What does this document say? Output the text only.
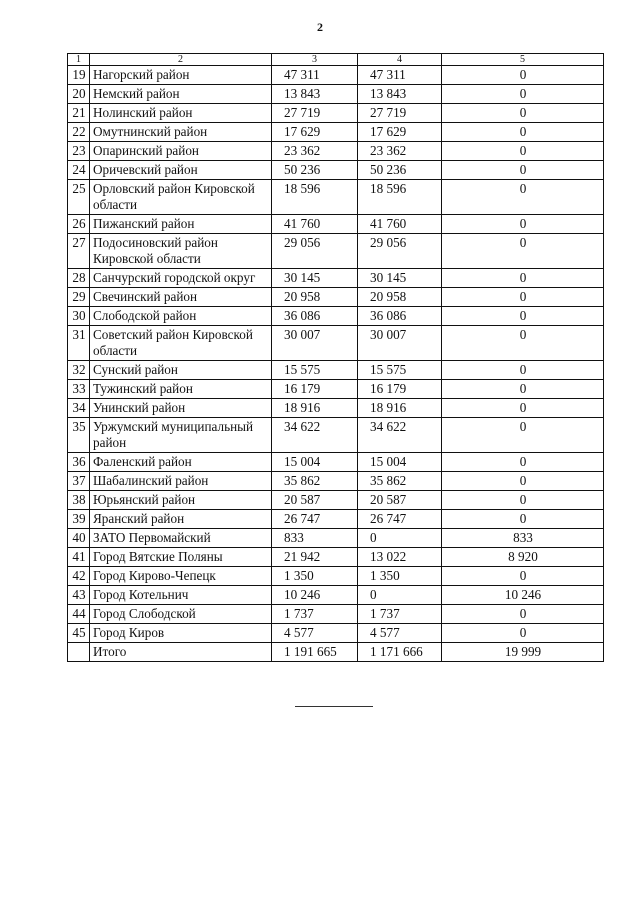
2
1	2	3	4	5
19	Нагорский район	47 311	47 311	0
20	Немский район	13 843	13 843	0
21	Нолинский район	27 719	27 719	0
22	Омутнинский район	17 629	17 629	0
23	Опаринский район	23 362	23 362	0
24	Оричевский район	50 236	50 236	0
25	Орловский район Кировской области	18 596	18 596	0
26	Пижанский район	41 760	41 760	0
27	Подосиновский район Кировской области	29 056	29 056	0
28	Санчурский городской округ	30 145	30 145	0
29	Свечинский район	20 958	20 958	0
30	Слободской район	36 086	36 086	0
31	Советский район Кировской области	30 007	30 007	0
32	Сунский район	15 575	15 575	0
33	Тужинский район	16 179	16 179	0
34	Унинский район	18 916	18 916	0
35	Уржумский муниципальный район	34 622	34 622	0
36	Фаленский район	15 004	15 004	0
37	Шабалинский район	35 862	35 862	0
38	Юрьянский район	20 587	20 587	0
39	Яранский район	26 747	26 747	0
40	ЗАТО Первомайский	833	0	833
41	Город Вятские Поляны	21 942	13 022	8 920
42	Город Кирово-Чепецк	1 350	1 350	0
43	Город Котельнич	10 246	0	10 246
44	Город Слободской	1 737	1 737	0
45	Город Киров	4 577	4 577	0
	Итого	1 191 665	1 171 666	19 999
